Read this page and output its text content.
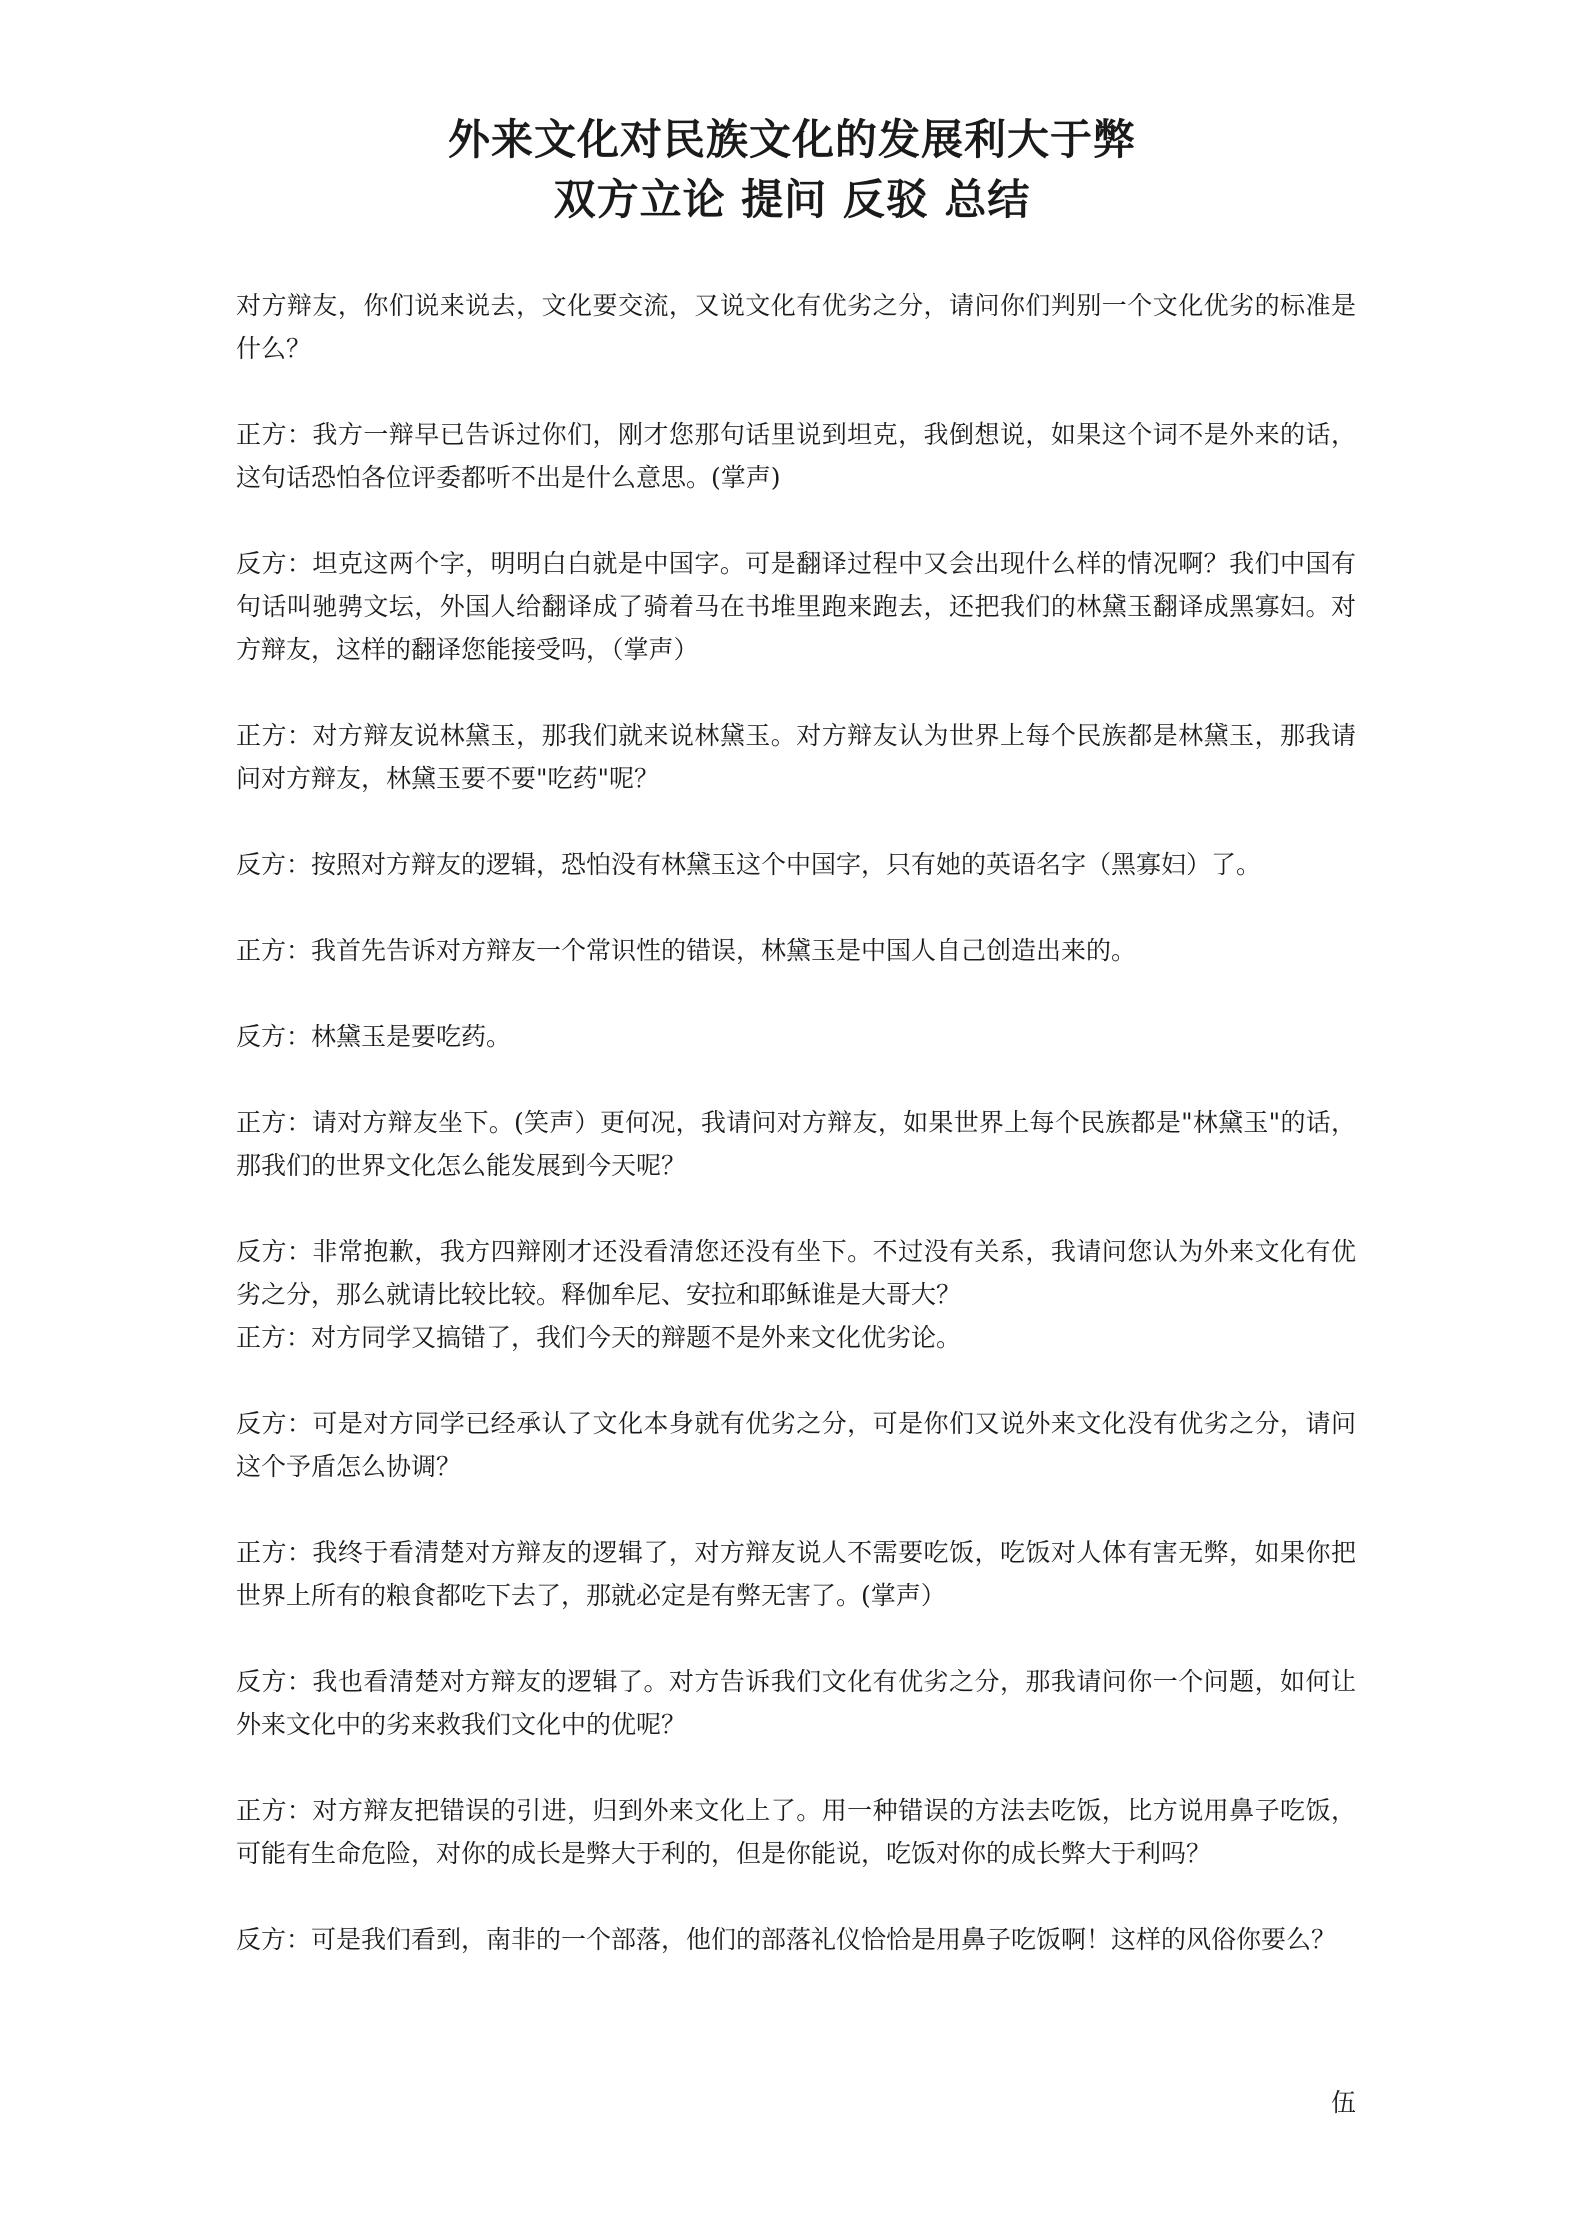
外来文化对民族文化的发展利大于弊
双方立论 提问 反驳 总结

对方辩友，你们说来说去，文化要交流，又说文化有优劣之分，请问你们判别一个文化优劣的标准是什么？

正方：我方一辩早已告诉过你们，刚才您那句话里说到坦克，我倒想说，如果这个词不是外来的话，这句话恐怕各位评委都听不出是什么意思。(掌声)

反方：坦克这两个字，明明白白就是中国字。可是翻译过程中又会出现什么样的情况啊？我们中国有句话叫驰骋文坛，外国人给翻译成了骑着马在书堆里跑来跑去，还把我们的林黛玉翻译成黑寡妇。对方辩友，这样的翻译您能接受吗，（掌声）

正方：对方辩友说林黛玉，那我们就来说林黛玉。对方辩友认为世界上每个民族都是林黛玉，那我请问对方辩友，林黛玉要不要"吃药"呢？

反方：按照对方辩友的逻辑，恐怕没有林黛玉这个中国字，只有她的英语名字（黑寡妇）了。

正方：我首先告诉对方辩友一个常识性的错误，林黛玉是中国人自己创造出来的。

反方：林黛玉是要吃药。

正方：请对方辩友坐下。(笑声）更何况，我请问对方辩友，如果世界上每个民族都是"林黛玉"的话，那我们的世界文化怎么能发展到今天呢？

反方：非常抱歉，我方四辩刚才还没看清您还没有坐下。不过没有关系，我请问您认为外来文化有优劣之分，那么就请比较比较。释伽牟尼、安拉和耶稣谁是大哥大？

正方：对方同学又搞错了，我们今天的辩题不是外来文化优劣论。

反方：可是对方同学已经承认了文化本身就有优劣之分，可是你们又说外来文化没有优劣之分，请问这个予盾怎么协调？

正方：我终于看清楚对方辩友的逻辑了，对方辩友说人不需要吃饭，吃饭对人体有害无弊，如果你把世界上所有的粮食都吃下去了，那就必定是有弊无害了。(掌声）

反方：我也看清楚对方辩友的逻辑了。对方告诉我们文化有优劣之分，那我请问你一个问题，如何让外来文化中的劣来救我们文化中的优呢？

正方：对方辩友把错误的引进，归到外来文化上了。用一种错误的方法去吃饭，比方说用鼻子吃饭，可能有生命危险，对你的成长是弊大于利的，但是你能说，吃饭对你的成长弊大于利吗？

反方：可是我们看到，南非的一个部落，他们的部落礼仪恰恰是用鼻子吃饭啊！这样的风俗你要么？

伍
